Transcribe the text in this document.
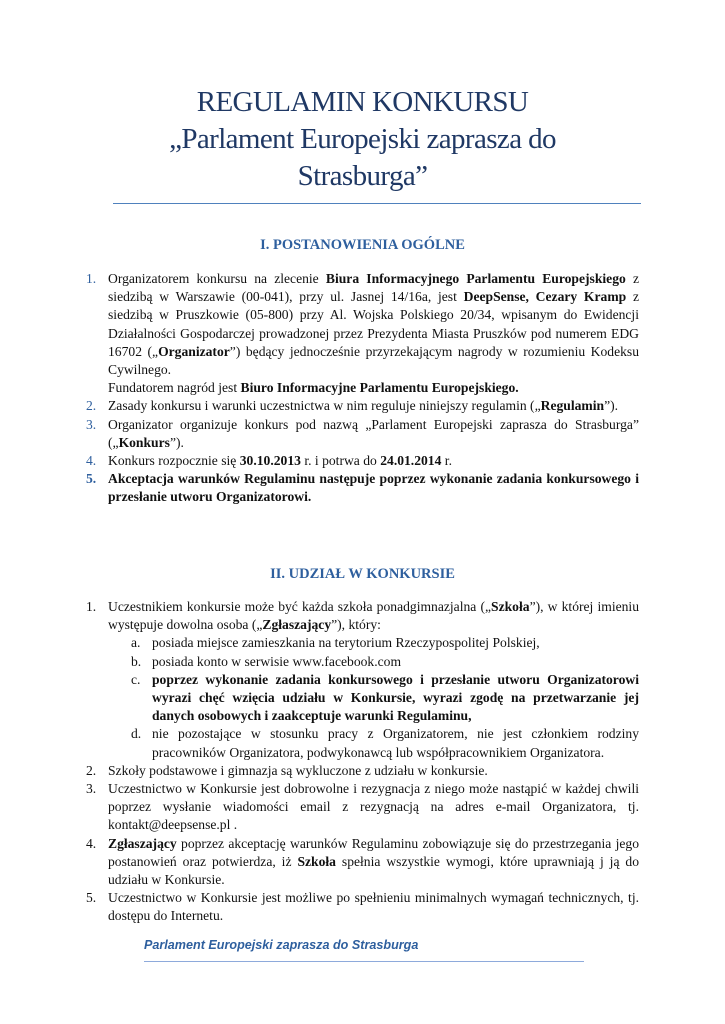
REGULAMIN KONKURSU
„Parlament Europejski zaprasza do
Strasburga”
I. POSTANOWIENIA OGÓLNE
1. Organizatorem konkursu na zlecenie Biura Informacyjnego Parlamentu Europejskiego z siedzibą w Warszawie (00-041), przy ul. Jasnej 14/16a, jest DeepSense, Cezary Kramp z siedzibą w Pruszkowie (05-800) przy Al. Wojska Polskiego 20/34, wpisanym do Ewidencji Działalności Gospodarczej prowadzonej przez Prezydenta Miasta Pruszków pod numerem EDG 16702 („Organizator”) będący jednocześnie przyrzekającym nagrody w rozumieniu Kodeksu Cywilnego.
Fundatorem nagród jest Biuro Informacyjne Parlamentu Europejskiego.
2. Zasady konkursu i warunki uczestnictwa w nim reguluje niniejszy regulamin („Regulamin”).
3. Organizator organizuje konkurs pod nazwą „Parlament Europejski zaprasza do Strasburga” („Konkurs”).
4. Konkurs rozpocznie się 30.10.2013 r. i potrwa do 24.01.2014 r.
5. Akceptacja warunków Regulaminu następuje poprzez wykonanie zadania konkursowego i przesłanie utworu Organizatorowi.
II. UDZIAŁ W KONKURSIE
1. Uczestnikiem konkursie może być każda szkoła ponadgimnazjalna („Szkoła”), w której imieniu występuje dowolna osoba („Zgłaszający”), który:
a. posiada miejsce zamieszkania na terytorium Rzeczypospolitej Polskiej,
b. posiada konto w serwisie www.facebook.com
c. poprzez wykonanie zadania konkursowego i przesłanie utworu Organizatorowi wyrazi chęć wzięcia udziału w Konkursie, wyrazi zgodę na przetwarzanie jej danych osobowych i zaakceptuje warunki Regulaminu,
d. nie pozostające w stosunku pracy z Organizatorem, nie jest członkiem rodziny pracowników Organizatora, podwykonawcą lub współpracownikiem Organizatora.
2. Szkoły podstawowe i gimnazja są wykluczone z udziału w konkursie.
3. Uczestnictwo w Konkursie jest dobrowolne i rezygnacja z niego może nastąpić w każdej chwili poprzez wysłanie wiadomości email z rezygnacją na adres e-mail Organizatora, tj. kontakt@deepsense.pl .
4. Zgłaszający poprzez akceptację warunków Regulaminu zobowiązuje się do przestrzegania jego postanowień oraz potwierdza, iż Szkoła spełnia wszystkie wymogi, które uprawniają j ją do udziału w Konkursie.
5. Uczestnictwo w Konkursie jest możliwe po spełnieniu minimalnych wymagań technicznych, tj. dostępu do Internetu.
Parlament Europejski zaprasza do Strasburga
